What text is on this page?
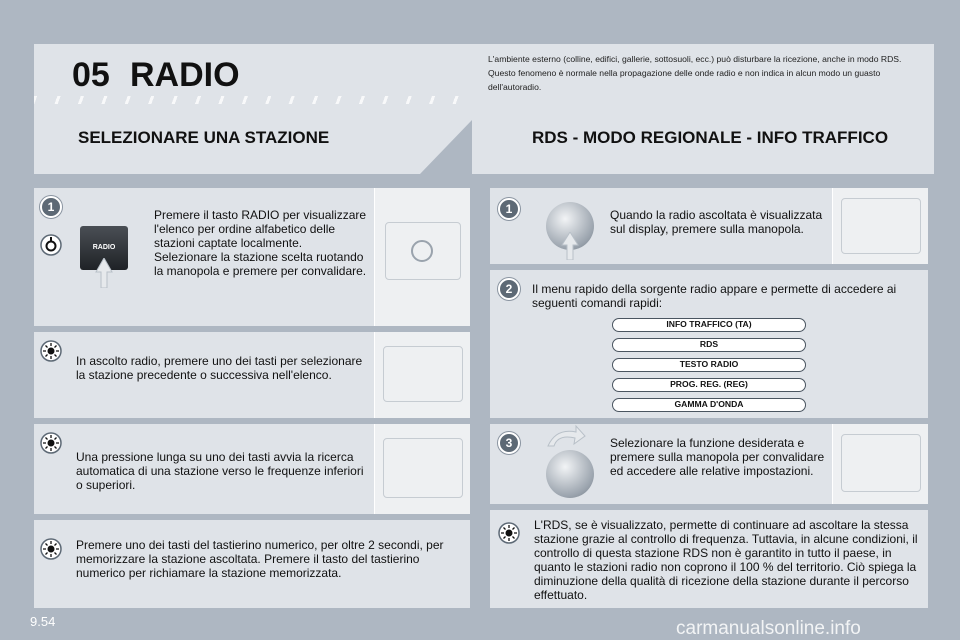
05 RADIO	L'ambiente esterno (colline, edifici, gallerie, sottosuoli, ecc.) può disturbare la ricezione, anche in modo RDS. Questo fenomeno è normale nella propagazione delle onde radio e non indica in alcun modo un guasto dell'autoradio.
SELEZIONARE UNA STAZIONE	RDS - MODO REGIONALE - INFO TRAFFICO
1
RADIO
Premere il tasto RADIO per visualizzare l'elenco per ordine alfabetico delle stazioni captate localmente. Selezionare la stazione scelta ruotando la manopola e premere per convalidare.
In ascolto radio, premere uno dei tasti per selezionare la stazione precedente o successiva nell'elenco.
Una pressione lunga su uno dei tasti avvia la ricerca automatica di una stazione verso le frequenze inferiori o superiori.
Premere uno dei tasti del tastierino numerico, per oltre 2 secondi, per memorizzare la stazione ascoltata. Premere il tasto del tastierino numerico per richiamare la stazione memorizzata.
1	Quando la radio ascoltata è visualizzata sul display, premere sulla manopola.
2	Il menu rapido della sorgente radio appare e permette di accedere ai seguenti comandi rapidi:
INFO TRAFFICO (TA)
RDS
TESTO RADIO
PROG. REG. (REG)
GAMMA D'ONDA
3	Selezionare la funzione desiderata e premere sulla manopola per convalidare ed accedere alle relative impostazioni.
L'RDS, se è visualizzato, permette di continuare ad ascoltare la stessa stazione grazie al controllo di frequenza. Tuttavia, in alcune condizioni, il controllo di questa stazione RDS non è garantito in tutto il paese, in quanto le stazioni radio non coprono il 100 % del territorio. Ciò spiega la diminuzione della qualità di ricezione della stazione durante il percorso effettuato.
9.54	carmanualsonline.info
